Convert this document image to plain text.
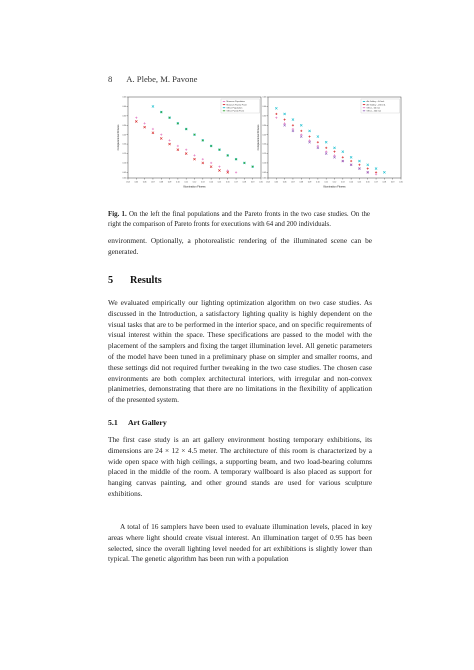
8 A. Plebe, M. Pavone
0.04	0.05	0.06	0.07	0.08	0.09	0.10	0.11	0.12	0.13	0.14	0.15	0.16	0.17	0.18	0.19	0.20
0.02
0.05
0.10
0.15
0.20
0.25
0.30
0.35
0.40
0.45
Illumination Fitness
Computational Fitness
Museum Population
Museum Pareto Front
Office Population
Office Pareto Front
0.04	0.05	0.06	0.07	0.08	0.09	0.10	0.11	0.12	0.13	0.14	0.15	0.16	0.17	0.18	0.19	0.20
0.02
0.05
0.10
0.15
0.20
0.25
0.30
0.35
0.40
0.45
Illumination Fitness
Computational Fitness
Art Gallery - 64 ind.
Art Gallery - 200 ind.
Office - 64 ind.
Office - 200 ind.
Fig. 1. On the left the final populations and the Pareto fronts in the two case studies. On the right the comparison of Pareto fronts for executions with 64 and 200 individuals.
environment. Optionally, a photorealistic rendering of the illuminated scene can be generated.
5 Results
We evaluated empirically our lighting optimization algorithm on two case studies. As discussed in the Introduction, a satisfactory lighting quality is highly dependent on the visual tasks that are to be performed in the interior space, and on specific requirements of visual interest within the space. These specifications are passed to the model with the placement of the samplers and fixing the target illumination level. All genetic parameters of the model have been tuned in a preliminary phase on simpler and smaller rooms, and these settings did not required further tweaking in the two case studies. The chosen case environments are both complex architectural interiors, with irregular and non-convex planimetries, demonstrating that there are no limitations in the flexibility of application of the presented system.
5.1 Art Gallery
The first case study is an art gallery environment hosting temporary exhibitions, its dimensions are 24 × 12 × 4.5 meter. The architecture of this room is characterized by a wide open space with high ceilings, a supporting beam, and two load-bearing columns placed in the middle of the room. A temporary wallboard is also placed as support for hanging canvas painting, and other ground stands are used for various sculpture exhibitions.
A total of 16 samplers have been used to evaluate illumination levels, placed in key areas where light should create visual interest. An illumination target of 0.95 has been selected, since the overall lighting level needed for art exhibitions is slightly lower than typical. The genetic algorithm has been run with a population
